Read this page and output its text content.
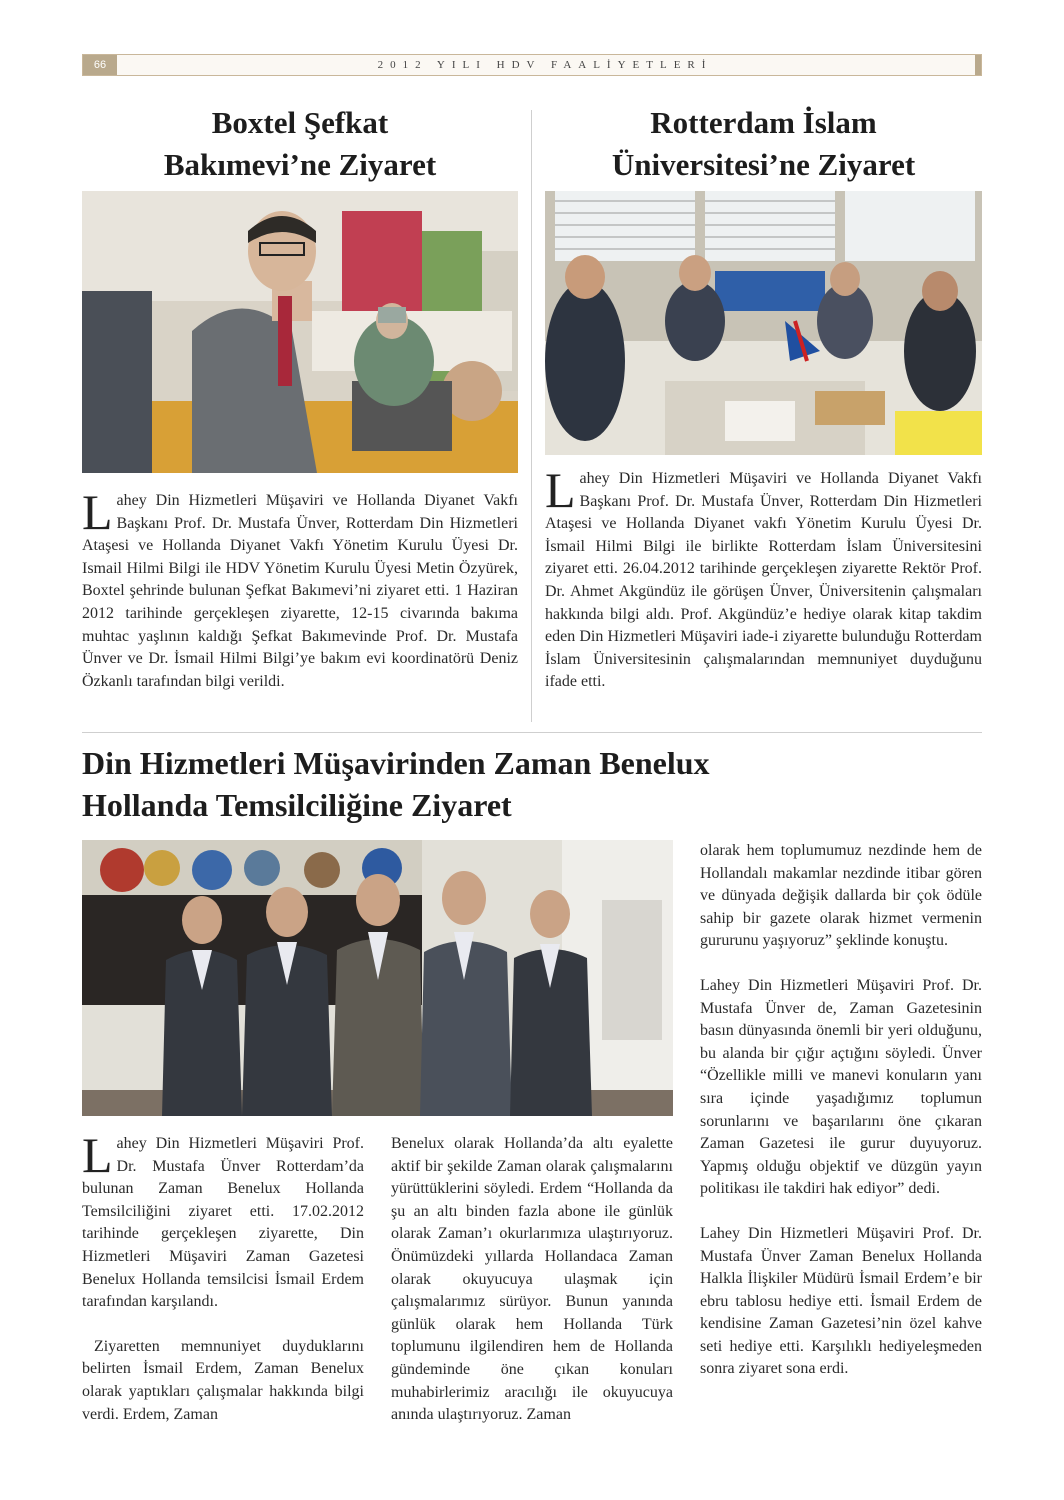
66	2012 YILI HDV FAALİYETLERİ
Boxtel Şefkat
Bakımevi’ne Ziyaret
Lahey Din Hizmetleri Müşaviri ve Hollanda Diyanet Vakfı Başkanı Prof. Dr. Mustafa Ünver, Rotterdam Din Hizmetleri Ataşesi ve Hollanda Diyanet Vakfı Yönetim Kurulu Üyesi Dr. Ismail Hilmi Bilgi ile HDV Yönetim Kurulu Üyesi Metin Özyürek, Boxtel şehrinde bulunan Şefkat Bakımevi’ni ziyaret etti. 1 Haziran 2012 tarihinde gerçekleşen ziyarette, 12-15 civarında bakıma muhtac yaşlının kaldığı Şefkat Bakımevinde Prof. Dr. Mustafa Ünver ve Dr. İsmail Hilmi Bilgi’ye bakım evi koordinatörü Deniz Özkanlı tarafından bilgi verildi.
Rotterdam İslam
Üniversitesi’ne Ziyaret
Lahey Din Hizmetleri Müşaviri ve Hollanda Diyanet Vakfı Başkanı Prof. Dr. Mustafa Ünver, Rotterdam Din Hizmetleri Ataşesi ve Hollanda Diyanet vakfı Yönetim Kurulu Üyesi Dr. İsmail Hilmi Bilgi ile birlikte Rotterdam İslam Üniversitesini ziyaret etti. 26.04.2012 tarihinde gerçekleşen ziyarette Rektör Prof. Dr. Ahmet Akgündüz ile görüşen Ünver, Üniversitenin çalışmaları hakkında bilgi aldı. Prof. Akgündüz’e hediye olarak kitap takdim eden Din Hizmetleri Müşaviri iade-i ziyarette bulunduğu Rotterdam İslam Üniversitesinin çalışmalarından memnuniyet duyduğunu ifade etti.
Din Hizmetleri Müşavirinden Zaman Benelux
Hollanda Temsilciliğine Ziyaret

Lahey Din Hizmetleri Müşaviri Prof. Dr. Mustafa Ünver Rotterdam’da bulunan Zaman Benelux Hollanda Temsilciliğini ziyaret etti. 17.02.2012 tarihinde gerçekleşen ziyarette, Din Hizmetleri Müşaviri Zaman Gazetesi Benelux Hollanda temsilcisi İsmail Erdem tarafından karşılandı.

Ziyaretten memnuniyet duyduklarını belirten İsmail Erdem, Zaman Benelux olarak yaptıkları çalışmalar hakkında bilgi verdi. Erdem, Zaman

Benelux olarak Hollanda’da altı eyalette aktif bir şekilde Zaman olarak çalışmalarını yürüttüklerini söyledi. Erdem “Hollanda da şu an altı binden fazla abone ile günlük olarak Zaman’ı okurlarımıza ulaştırıyoruz. Önümüzdeki yıllarda Hollandaca Zaman olarak okuyucuya ulaşmak için çalışmalarımız sürüyor. Bunun yanında günlük olarak hem Hollanda Türk toplumunu ilgilendiren hem de Hollanda gündeminde öne çıkan konuları muhabirlerimiz aracılığı ile okuyucuya anında ulaştırıyoruz. Zaman

olarak hem toplumumuz nezdinde hem de Hollandalı makamlar nezdinde itibar gören ve dünyada değişik dallarda bir çok ödüle sahip bir gazete olarak hizmet vermenin gururunu yaşıyoruz” şeklinde konuştu.

Lahey Din Hizmetleri Müşaviri Prof. Dr. Mustafa Ünver de, Zaman Gazetesinin basın dünyasında önemli bir yeri olduğunu, bu alanda bir çığır açtığını söyledi. Ünver “Özellikle milli ve manevi konuların yanı sıra içinde yaşadığımız toplumun sorunlarını ve başarılarını öne çıkaran Zaman Gazetesi ile gurur duyuyoruz. Yapmış olduğu objektif ve düzgün yayın politikası ile takdiri hak ediyor” dedi.

Lahey Din Hizmetleri Müşaviri Prof. Dr. Mustafa Ünver Zaman Benelux Hollanda Halkla İlişkiler Müdürü İsmail Erdem’e bir ebru tablosu hediye etti. İsmail Erdem de kendisine Zaman Gazetesi’nin özel kahve seti hediye etti. Karşılıklı hediyeleşmeden sonra ziyaret sona erdi.
